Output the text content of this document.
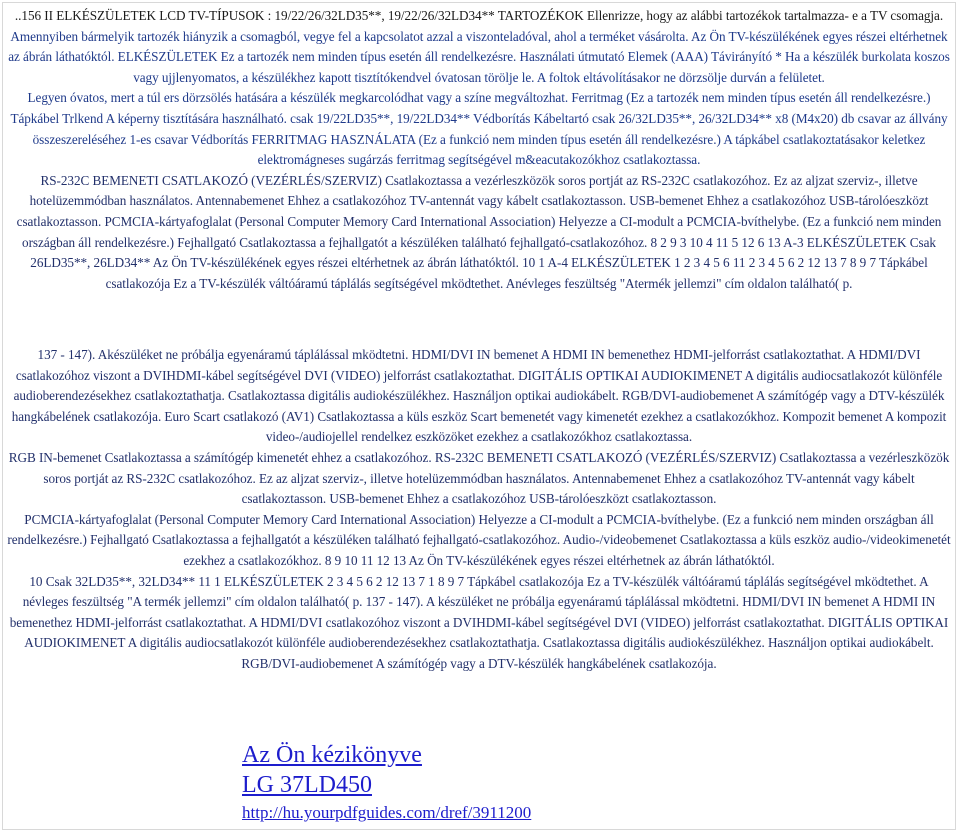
..156 II ELKÉSZÜLETEK LCD TV-TÍPUSOK : 19/22/26/32LD35**, 19/22/26/32LD34** TARTOZÉKOK Ellenrizze, hogy az alábbi tartozékok tartalmazza- e a TV csomagja.
Amennyiben bármelyik tartozék hiányzik a csomagból, vegye fel a kapcsolatot azzal a viszonteladóval, ahol a terméket vásárolta. Az Ön TV-készülékének egyes részei eltérhetnek az ábrán láthatóktól. ELKÉSZÜLETEK Ez a tartozék nem minden típus esetén áll rendelkezésre. Használati útmutató Elemek (AAA) Távirányító * Ha a készülék burkolata koszos vagy ujjlenyomatos, a készülékhez kapott tisztítókendvel óvatosan törölje le. A foltok eltávolításakor ne dörzsölje durván a felületet.
Legyen óvatos, mert a túl ers dörzsölés hatására a készülék megkarcolódhat vagy a színe megváltozhat. Ferritmag (Ez a tartozék nem minden típus esetén áll rendelkezésre.) Tápkábel Trlkend A képerny tisztítására használható. csak 19/22LD35**, 19/22LD34** Védborítás Kábeltartó csak 26/32LD35**, 26/32LD34** x8 (M4x20) db csavar az állvány összeszereléséhez 1-es csavar Védborítás FERRITMAG HASZNÁLATA (Ez a funkció nem minden típus esetén áll rendelkezésre.) A tápkábel csatlakoztatásakor keletkez elektromágneses sugárzás ferritmag segítségével m&eacutakozókhoz csatlakoztassa.
RS-232C BEMENETI CSATLAKOZÓ (VEZÉRLÉS/SZERVIZ) Csatlakoztassa a vezérleszközök soros portját az RS-232C csatlakozóhoz. Ez az aljzat szerviz-, illetve hotelüzemmódban használatos. Antennabemenet Ehhez a csatlakozóhoz TV-antennát vagy kábelt csatlakoztasson. USB-bemenet Ehhez a csatlakozóhoz USB-tárolóeszközt csatlakoztasson. PCMCIA-kártyafoglalat (Personal Computer Memory Card International Association) Helyezze a CI-modult a PCMCIA-bvíthelybe. (Ez a funkció nem minden országban áll rendelkezésre.) Fejhallgató Csatlakoztassa a fejhallgatót a készüléken található fejhallgató-csatlakozóhoz. 8 2 9 3 10 4 11 5 12 6 13 A-3 ELKÉSZÜLETEK Csak 26LD35**, 26LD34** Az Ön TV-készülékének egyes részei eltérhetnek az ábrán láthatóktól. 10 1 A-4 ELKÉSZÜLETEK 1 2 3 4 5 6 11 2 3 4 5 6 2 12 13 7 8 9 7 Tápkábel csatlakozója Ez a TV-készülék váltóáramú táplálás segítségével mködtethet. Anévleges feszültség "Atermék jellemzi" cím oldalon található( p.
137 - 147). Akészüléket ne próbálja egyenáramú táplálással mködtetni. HDMI/DVI IN bemenet A HDMI IN bemenethez HDMI-jelforrást csatlakoztathat. A HDMI/DVI csatlakozóhoz viszont a DVIHDMI-kábel segítségével DVI (VIDEO) jelforrást csatlakoztathat. DIGITÁLIS OPTIKAI AUDIOKIMENET A digitális audiocsatlakozót különféle audioberendezésekhez csatlakoztathatja. Csatlakoztassa digitális audiokészülékhez. Használjon optikai audiokábelt. RGB/DVI-audiobemenet A számítógép vagy a DTV-készülék hangkábelének csatlakozója. Euro Scart csatlakozó (AV1) Csatlakoztassa a küls eszköz Scart bemenetét vagy kimenetét ezekhez a csatlakozókhoz. Kompozit bemenet A kompozit video-/audiojellel rendelkez eszközöket ezekhez a csatlakozókhoz csatlakoztassa.
RGB IN-bemenet Csatlakoztassa a számítógép kimenetét ehhez a csatlakozóhoz. RS-232C BEMENETI CSATLAKOZÓ (VEZÉRLÉS/SZERVIZ) Csatlakoztassa a vezérleszközök soros portját az RS-232C csatlakozóhoz. Ez az aljzat szerviz-, illetve hotelüzemmódban használatos. Antennabemenet Ehhez a csatlakozóhoz TV-antennát vagy kábelt csatlakoztasson. USB-bemenet Ehhez a csatlakozóhoz USB-tárolóeszközt csatlakoztasson.
PCMCIA-kártyafoglalat (Personal Computer Memory Card International Association) Helyezze a CI-modult a PCMCIA-bvíthelybe. (Ez a funkció nem minden országban áll rendelkezésre.) Fejhallgató Csatlakoztassa a fejhallgatót a készüléken található fejhallgató-csatlakozóhoz. Audio-/videobemenet Csatlakoztassa a küls eszköz audio-/videokimenetét ezekhez a csatlakozókhoz. 8 9 10 11 12 13 Az Ön TV-készülékének egyes részei eltérhetnek az ábrán láthatóktól.
10 Csak 32LD35**, 32LD34** 11 1 ELKÉSZÜLETEK 2 3 4 5 6 2 12 13 7 1 8 9 7 Tápkábel csatlakozója Ez a TV-készülék váltóáramú táplálás segítségével mködtethet. A névleges feszültség "A termék jellemzi" cím oldalon található( p. 137 - 147). A készüléket ne próbálja egyenáramú táplálással mködtetni. HDMI/DVI IN bemenet A HDMI IN bemenethez HDMI-jelforrást csatlakoztathat. A HDMI/DVI csatlakozóhoz viszont a DVIHDMI-kábel segítségével DVI (VIDEO) jelforrást csatlakoztathat. DIGITÁLIS OPTIKAI AUDIOKIMENET A digitális audiocsatlakozót különféle audioberendezésekhez csatlakoztathatja. Csatlakoztassa digitális audiokészülékhez. Használjon optikai audiokábelt. RGB/DVI-audiobemenet A számítógép vagy a DTV-készülék hangkábelének csatlakozója.
Az Ön kézikönyve
LG 37LD450
http://hu.yourpdfguides.com/dref/3911200
